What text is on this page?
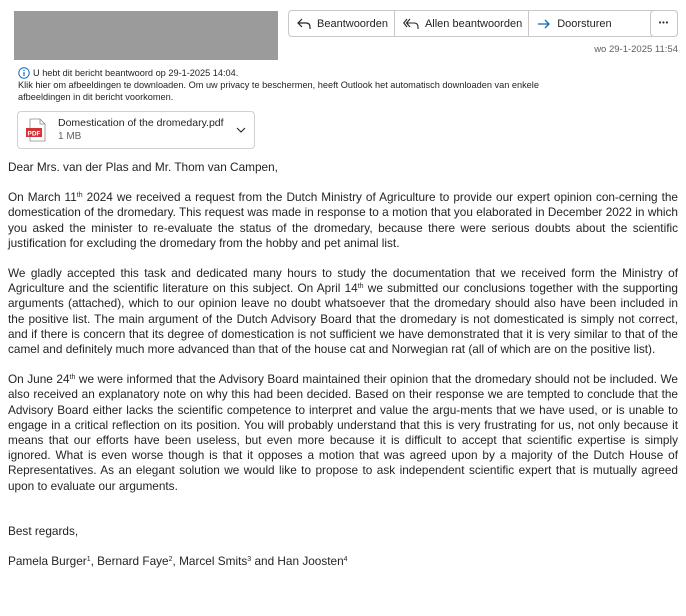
Beantwoorden	Allen beantwoorden	Doorsturen	•••
wo 29-1-2025 11:54
U hebt dit bericht beantwoord op 29-1-2025 14:04.
Klik hier om afbeeldingen te downloaden. Om uw privacy te beschermen, heeft Outlook het automatisch downloaden van enkele
afbeeldingen in dit bericht voorkomen.
PDF
Domestication of the dromedary.pdf
1 MB

Dear Mrs. van der Plas and Mr. Thom van Campen,

On March 11th 2024 we received a request from the Dutch Ministry of Agriculture to provide our expert opinion con-cerning the domestication of the dromedary. This request was made in response to a motion that you elaborated in December 2022 in which you asked the minister to re-evaluate the status of the dromedary, because there were serious doubts about the scientific justification for excluding the dromedary from the hobby and pet animal list.

We gladly accepted this task and dedicated many hours to study the documentation that we received form the Ministry of Agriculture and the scientific literature on this subject. On April 14th we submitted our conclusions together with the supporting arguments (attached), which to our opinion leave no doubt whatsoever that the dromedary should also have been included in the positive list. The main argument of the Dutch Advisory Board that the dromedary is not domesticated is simply not correct, and if there is concern that its degree of domestication is not sufficient we have demonstrated that it is very similar to that of the camel and definitely much more advanced than that of the house cat and Norwegian rat (all of which are on the positive list).

On June 24th we were informed that the Advisory Board maintained their opinion that the dromedary should not be included. We also received an explanatory note on why this had been decided. Based on their response we are tempted to conclude that the Advisory Board either lacks the scientific competence to interpret and value the argu-ments that we have used, or is unable to engage in a critical reflection on its position. You will probably understand that this is very frustrating for us, not only because it means that our efforts have been useless, but even more because it is difficult to accept that scientific expertise is simply ignored. What is even worse though is that it opposes a motion that was agreed upon by a majority of the Dutch House of Representatives. As an elegant solution we would like to propose to ask independent scientific expert that is mutually agreed upon to evaluate our arguments.

Best regards,

Pamela Burger$^1$, Bernard Faye$^2$, Marcel Smits$^3$ and Han Joosten$^4$
